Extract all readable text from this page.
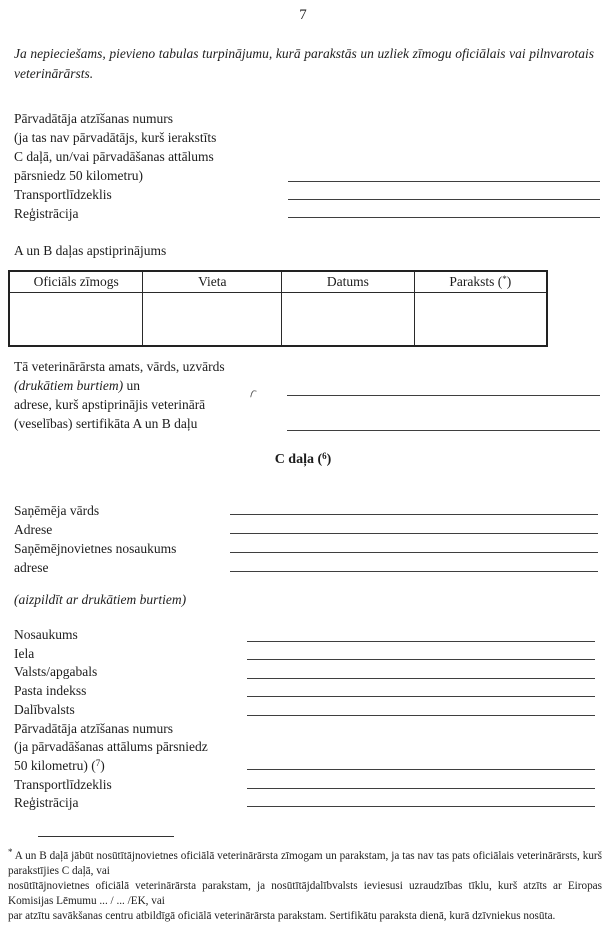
7
Ja nepieciešams, pievieno tabulas turpinājumu, kurā parakstās un uzliek zīmogu oficiālais vai pilnvarotais veterinārārsts.
Pārvadātāja atzīšanas numurs
(ja tas nav pārvadātājs, kurš ierakstīts
C daļā, un/vai pārvadāšanas attālums
pārsniedz 50 kilometru)
Transportlīdzeklis
Reģistrācija
A un B daļas apstiprinājums
Oficiāls zīmogs	Vieta	Datums	Paraksts (*)

Tā veterinārārsta amats, vārds, uzvārds
(drukātiem burtiem) un
adrese, kurš apstiprinājis veterinārā
(veselības) sertifikāta A un B daļu
C daļa ($^6$)
Saņēmēja vārds
Adrese
Saņēmējnovietnes nosaukums
adrese
(aizpildīt ar drukātiem burtiem)
Nosaukums
Iela
Valsts/apgabals
Pasta indekss
Dalībvalsts
Pārvadātāja atzīšanas numurs
(ja pārvadāšanas attālums pārsniedz
50 kilometru) ($^7$)
Transportlīdzeklis
Reģistrācija

* A un B daļā jābūt nosūtītājnovietnes oficiālā veterinārārsta zīmogam un parakstam, ja tas nav tas pats oficiālais veterinārārsts, kurš parakstījies C daļā, vai

nosūtītājnovietnes oficiālā veterinārārsta parakstam, ja nosūtītājdalībvalsts ieviesusi uzraudzības tīklu, kurš atzīts ar Eiropas Komisijas Lēmumu ... / ... /EK, vai

par atzītu savākšanas centru atbildīgā oficiālā veterinārārsta parakstam. Sertifikātu paraksta dienā, kurā dzīvniekus nosūta.
